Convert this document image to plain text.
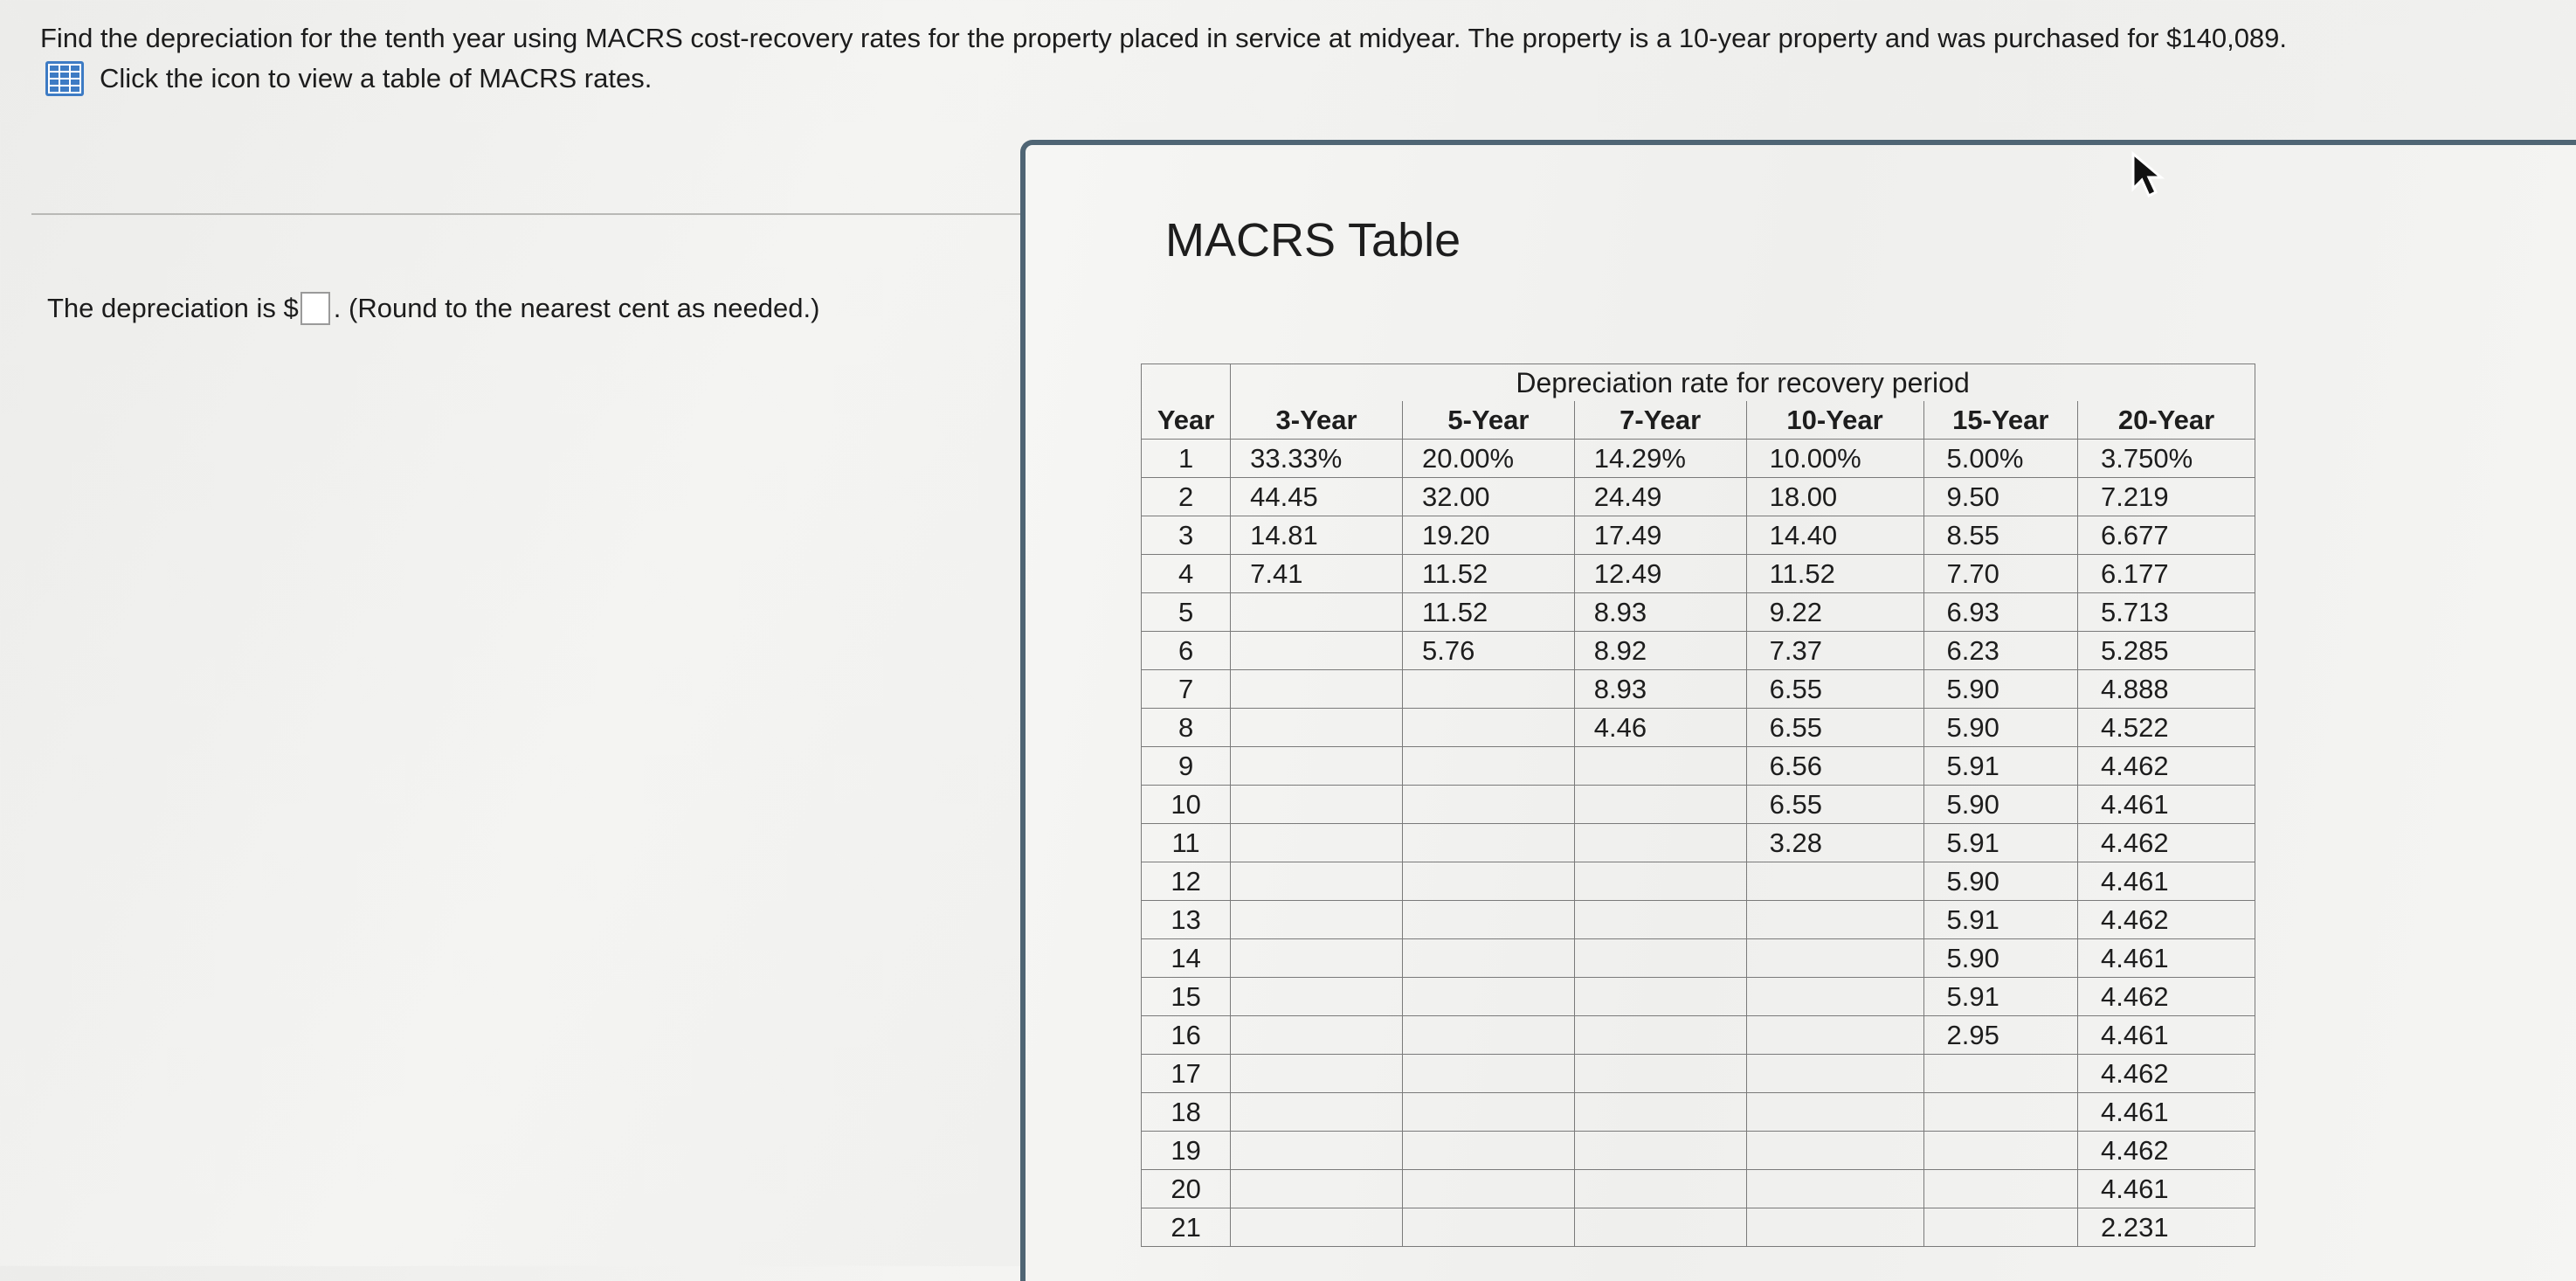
Find the depreciation for the tenth year using MACRS cost-recovery rates for the property placed in service at midyear. The property is a 10-year property and was purchased for $140,089.
Click the icon to view a table of MACRS rates.
The depreciation is $ . (Round to the nearest cent as needed.)
MACRS Table
	Depreciation rate for recovery period					
Year	3-Year	5-Year	7-Year	10-Year	15-Year	20-Year
1	33.33%	20.00%	14.29%	10.00%	5.00%	3.750%
2	44.45	32.00	24.49	18.00	9.50	7.219
3	14.81	19.20	17.49	14.40	8.55	6.677
4	7.41	11.52	12.49	11.52	7.70	6.177
5		11.52	8.93	9.22	6.93	5.713
6		5.76	8.92	7.37	6.23	5.285
7			8.93	6.55	5.90	4.888
8			4.46	6.55	5.90	4.522
9				6.56	5.91	4.462
10				6.55	5.90	4.461
11				3.28	5.91	4.462
12					5.90	4.461
13					5.91	4.462
14					5.90	4.461
15					5.91	4.462
16					2.95	4.461
17						4.462
18						4.461
19						4.462
20						4.461
21						2.231
